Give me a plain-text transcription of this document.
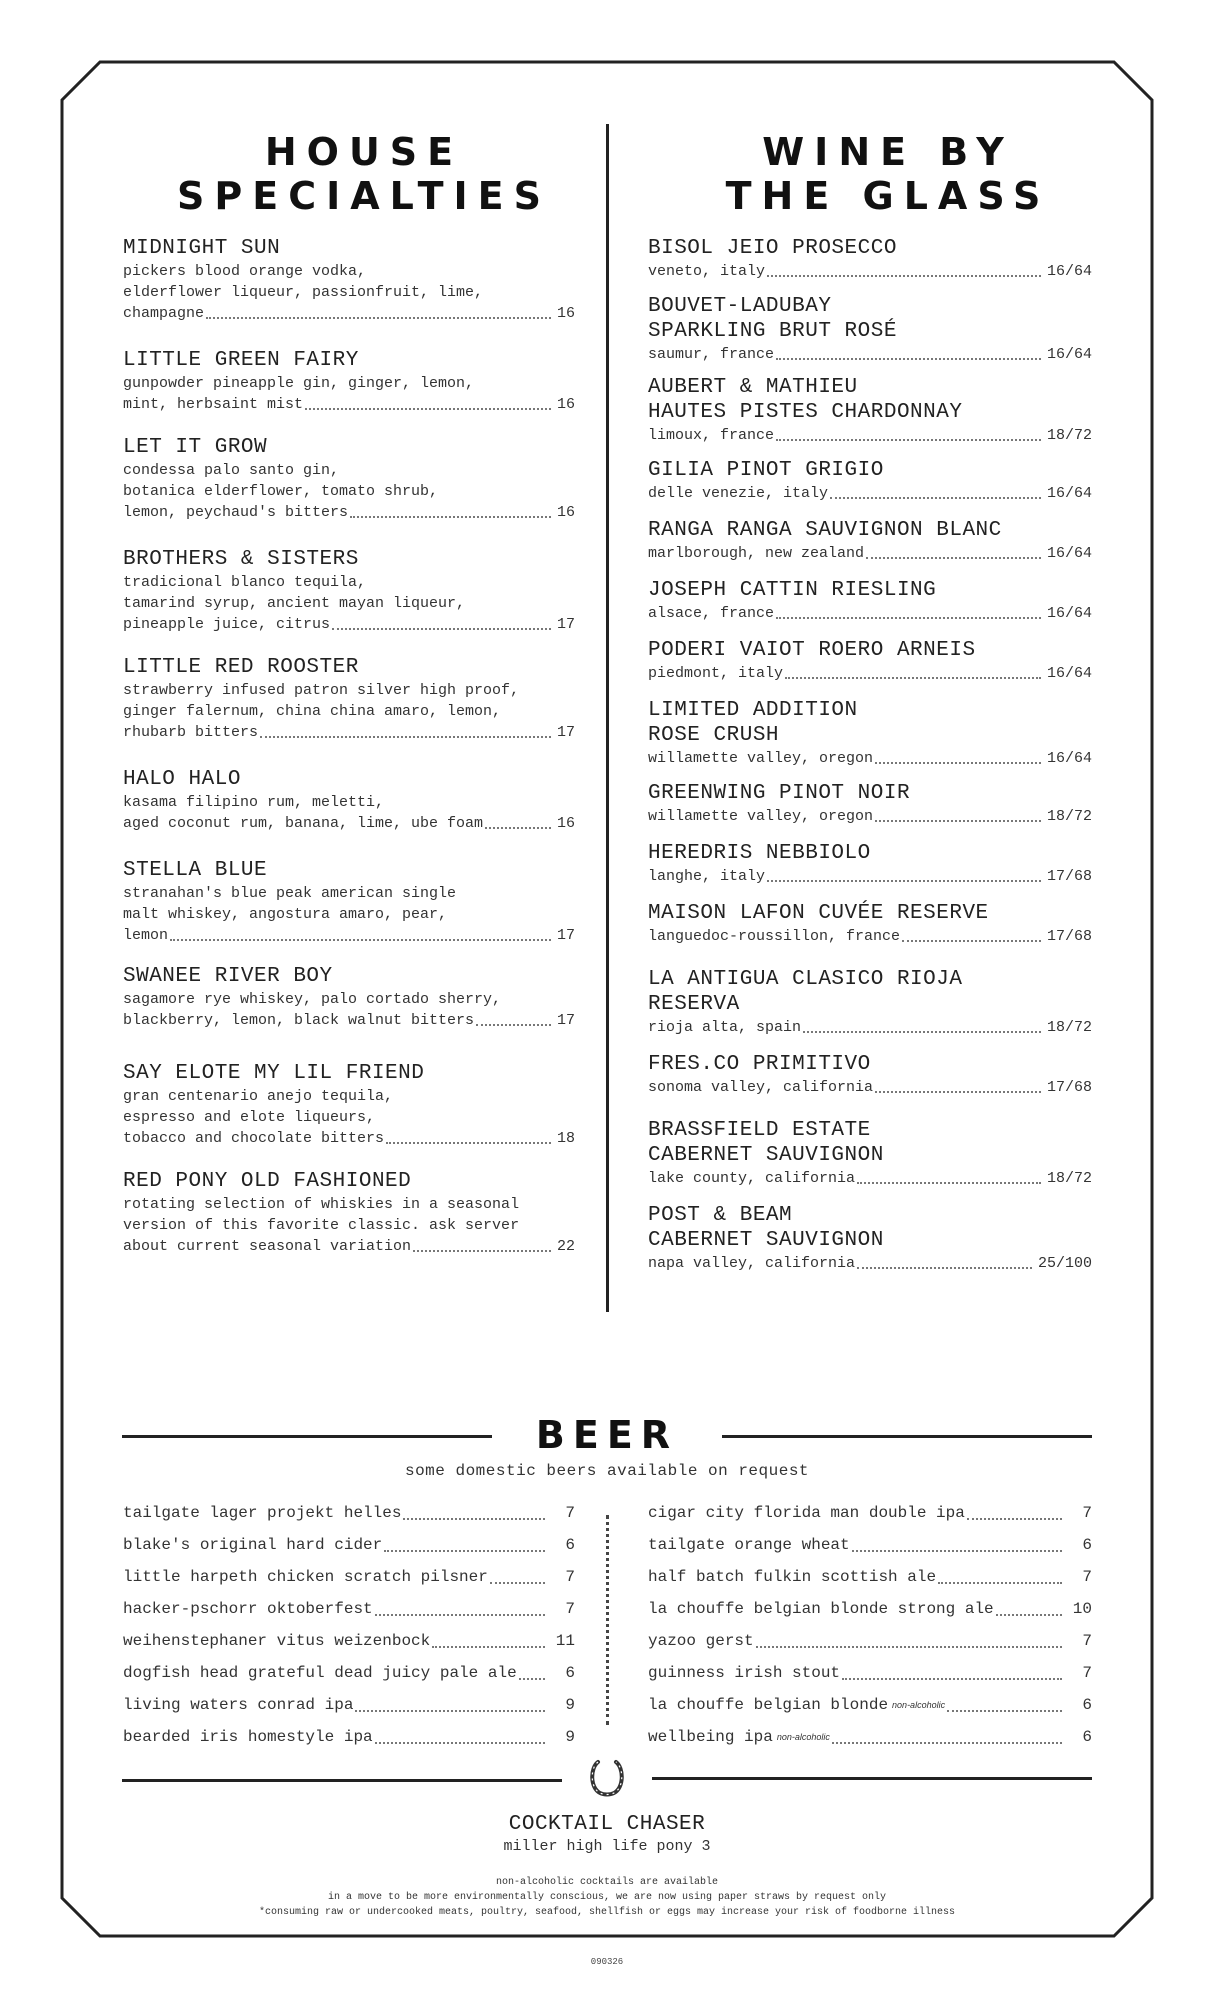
HOUSE
SPECIALTIES
WINE BY
THE GLASS
MIDNIGHT SUN
pickers blood orange vodka,
elderflower liqueur, passionfruit, lime,
champagne	16
LITTLE GREEN FAIRY
gunpowder pineapple gin, ginger, lemon,
mint, herbsaint mist	16
LET IT GROW
condessa palo santo gin,
botanica elderflower, tomato shrub,
lemon, peychaud's bitters	16
BROTHERS & SISTERS
tradicional blanco tequila,
tamarind syrup, ancient mayan liqueur,
pineapple juice, citrus	17
LITTLE RED ROOSTER
strawberry infused patron silver high proof,
ginger falernum, china china amaro, lemon,
rhubarb bitters	17
HALO HALO
kasama filipino rum, meletti,
aged coconut rum, banana, lime, ube foam	16
STELLA BLUE
stranahan's blue peak american single
malt whiskey, angostura amaro, pear,
lemon	17
SWANEE RIVER BOY
sagamore rye whiskey, palo cortado sherry,
blackberry, lemon, black walnut bitters	17
SAY ELOTE MY LIL FRIEND
gran centenario anejo tequila,
espresso and elote liqueurs,
tobacco and chocolate bitters	18
RED PONY OLD FASHIONED
rotating selection of whiskies in a seasonal
version of this favorite classic. ask server
about current seasonal variation	22
BISOL JEIO PROSECCO
veneto, italy	16/64
BOUVET-LADUBAY
SPARKLING BRUT ROSÉ
saumur, france	16/64
AUBERT & MATHIEU
HAUTES PISTES CHARDONNAY
limoux, france	18/72
GILIA PINOT GRIGIO
delle venezie, italy	16/64
RANGA RANGA SAUVIGNON BLANC
marlborough, new zealand	16/64
JOSEPH CATTIN RIESLING
alsace, france	16/64
PODERI VAIOT ROERO ARNEIS
piedmont, italy	16/64
LIMITED ADDITION
ROSE CRUSH
willamette valley, oregon	16/64
GREENWING PINOT NOIR
willamette valley, oregon	18/72
HEREDRIS NEBBIOLO
langhe, italy	17/68
MAISON LAFON CUVÉE RESERVE
languedoc-roussillon, france	17/68
LA ANTIGUA CLASICO RIOJA
RESERVA
rioja alta, spain	18/72
FRES.CO PRIMITIVO
sonoma valley, california	17/68
BRASSFIELD ESTATE
CABERNET SAUVIGNON
lake county, california	18/72
POST & BEAM
CABERNET SAUVIGNON
napa valley, california	25/100
BEER
some domestic beers available on request
tailgate lager projekt helles	7
blake's original hard cider	6
little harpeth chicken scratch pilsner	7
hacker-pschorr oktoberfest	7
weihenstephaner vitus weizenbock	11
dogfish head grateful dead juicy pale ale	6
living waters conrad ipa	9
bearded iris homestyle ipa	9
cigar city florida man double ipa	7
tailgate orange wheat	6
half batch fulkin scottish ale	7
la chouffe belgian blonde strong ale	10
yazoo gerst	7
guinness irish stout	7
la chouffe belgian blonde non-alcoholic	6
wellbeing ipa non-alcoholic	6
COCKTAIL CHASER
miller high life pony 3
non-alcoholic cocktails are available
in a move to be more environmentally conscious, we are now using paper straws by request only
*consuming raw or undercooked meats, poultry, seafood, shellfish or eggs may increase your risk of foodborne illness
090326
